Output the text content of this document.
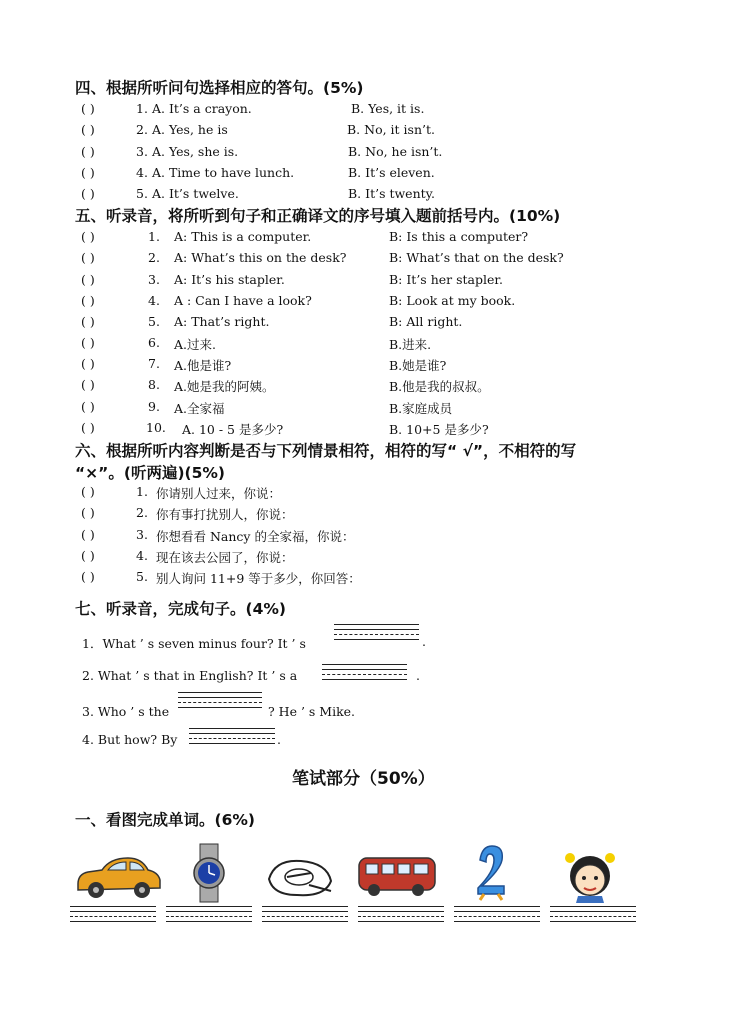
四、根据所听问句选择相应的答句。(5%)
( )	1. A. It’s a crayon.	B. Yes, it is.
( )	2. A. Yes, he is	B. No, it isn’t.
( )	3. A. Yes, she is.	B. No, he isn’t.
( )	4. A. Time to have lunch.	B. It’s eleven.
( )	5. A. It’s twelve.	B. It’s twenty.
五、听录音，将所听到句子和正确译文的序号填入题前括号内。(10%)
( )	1. A: This is a computer.	B: Is this a computer?
( )	2. A: What’s this on the desk?	B: What’s that on the desk?
( )	3. A: It’s his stapler.	B: It’s her stapler.
( )	4. A : Can I have a look?	B: Look at my book.
( )	5. A: That’s right.	B: All right.
( )	6. A.过来.	B.进来.
( )	7. A.他是谁?	B.她是谁?
( )	8. A.她是我的阿姨。	B.他是我的叔叔。
( )	9. A.全家福	B.家庭成员
( )	10. A. 10 - 5 是多少?	B. 10+5 是多少?
六、根据所听内容判断是否与下列情景相符，相符的写“ √”，不相符的写
“×”。(听两遍)(5%)
( )	1. 你请别人过来，你说：
( )	2. 你有事打扰别人，你说：
( )	3. 你想看看 Nancy 的全家福，你说：
( )	4. 现在该去公园了，你说：
( )	5. 别人询问 11+9 等于多少，你回答：
七、听录音，完成句子。(4%)
1．What ’ s seven minus four? It ’ s	.
2. What ’ s that in English? It ’ s a	.
3. Who ’ s the	? He ’ s Mike.
4. But how? By	.
笔试部分（50%）
一、看图完成单词。(6%)
